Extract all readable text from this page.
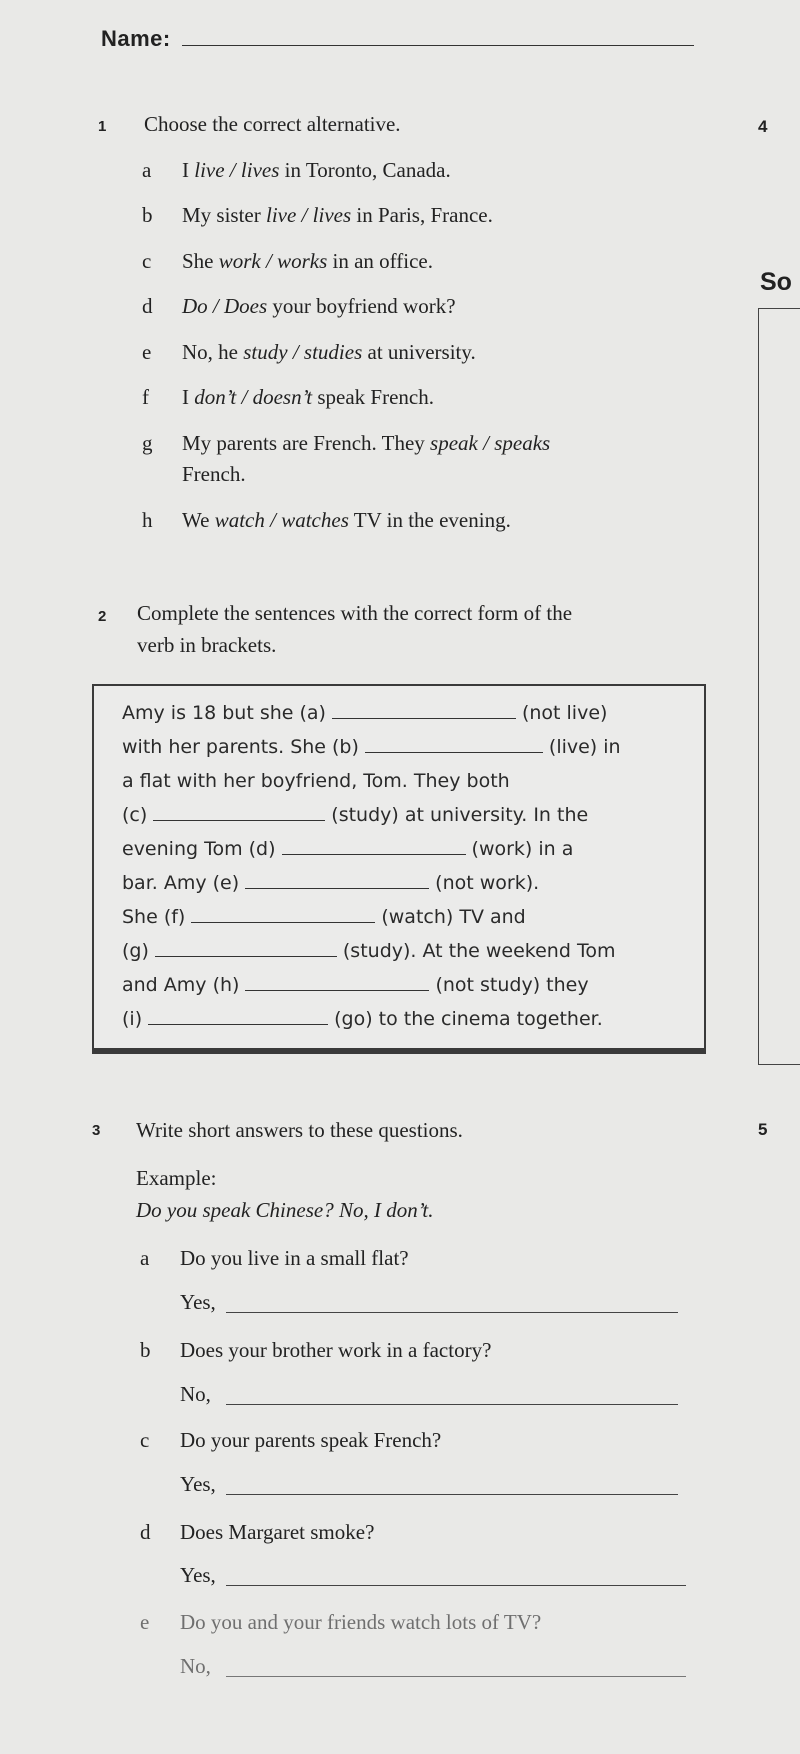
Name:
So
1 Choose the correct alternative.	4
a I live / lives in Toronto, Canada.
b My sister live / lives in Paris, France.
c She work / works in an office.
d Do / Does your boyfriend work?
e No, he study / studies at university.
f I don’t / doesn’t speak French.
g My parents are French. They speak / speaks
French.
h We watch / watches TV in the evening.
2 Complete the sentences with the correct form of the
verb in brackets.
Amy is 18 but she (a)	(not live)
with her parents. She (b)	(live) in
a flat with her boyfriend, Tom. They both
(c)	(study) at university. In the
evening Tom (d)	(work) in a
bar. Amy (e)	(not work).
She (f)	(watch) TV and
(g)	(study). At the weekend Tom
and Amy (h)	(not study) they
(i)	(go) to the cinema together.
3 Write short answers to these questions.	5
Example:
Do you speak Chinese? No, I don’t.
a Do you live in a small flat?
Yes,
b Does your brother work in a factory?
No,
c Do your parents speak French?
Yes,
d Does Margaret smoke?
Yes,
e Do you and your friends watch lots of TV?
No,
